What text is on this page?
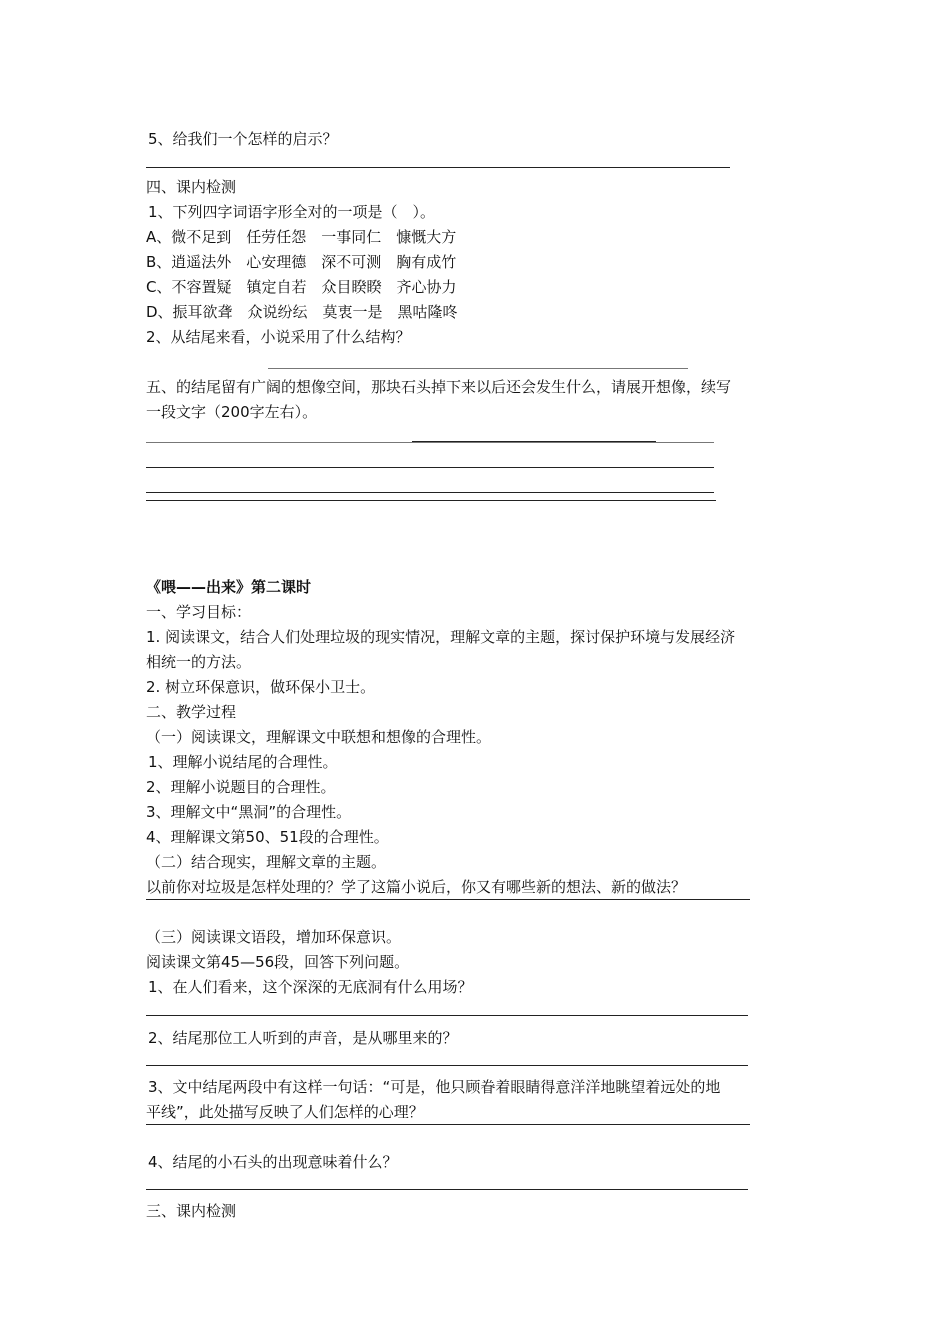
5、给我们一个怎样的启示？
四、课内检测
1、下列四字词语字形全对的一项是（　）。
A、微不足到　任劳任怨　一事同仁　慷慨大方
B、逍遥法外　心安理德　深不可测　胸有成竹
C、不容置疑　镇定自若　众目睽睽　齐心协力
D、振耳欲聋　众说纷纭　莫衷一是　黑咕隆咚
2、从结尾来看，小说采用了什么结构？
五、的结尾留有广阔的想像空间，那块石头掉下来以后还会发生什么，请展开想像，续写
一段文字（200字左右）。
《喂——出来》第二课时
一、学习目标：
1. 阅读课文，结合人们处理垃圾的现实情况，理解文章的主题，探讨保护环境与发展经济
相统一的方法。
2. 树立环保意识，做环保小卫士。
二、教学过程
（一）阅读课文，理解课文中联想和想像的合理性。
1、理解小说结尾的合理性。
2、理解小说题目的合理性。
3、理解文中“黑洞”的合理性。
4、理解课文第50、51段的合理性。
（二）结合现实，理解文章的主题。
以前你对垃圾是怎样处理的？学了这篇小说后，你又有哪些新的想法、新的做法？
（三）阅读课文语段，增加环保意识。
阅读课文第45—56段，回答下列问题。
1、在人们看来，这个深深的无底洞有什么用场？
2、结尾那位工人听到的声音，是从哪里来的？
3、文中结尾两段中有这样一句话：“可是，他只顾眷着眼睛得意洋洋地眺望着远处的地
平线”，此处描写反映了人们怎样的心理？
4、结尾的小石头的出现意味着什么？
三、课内检测
